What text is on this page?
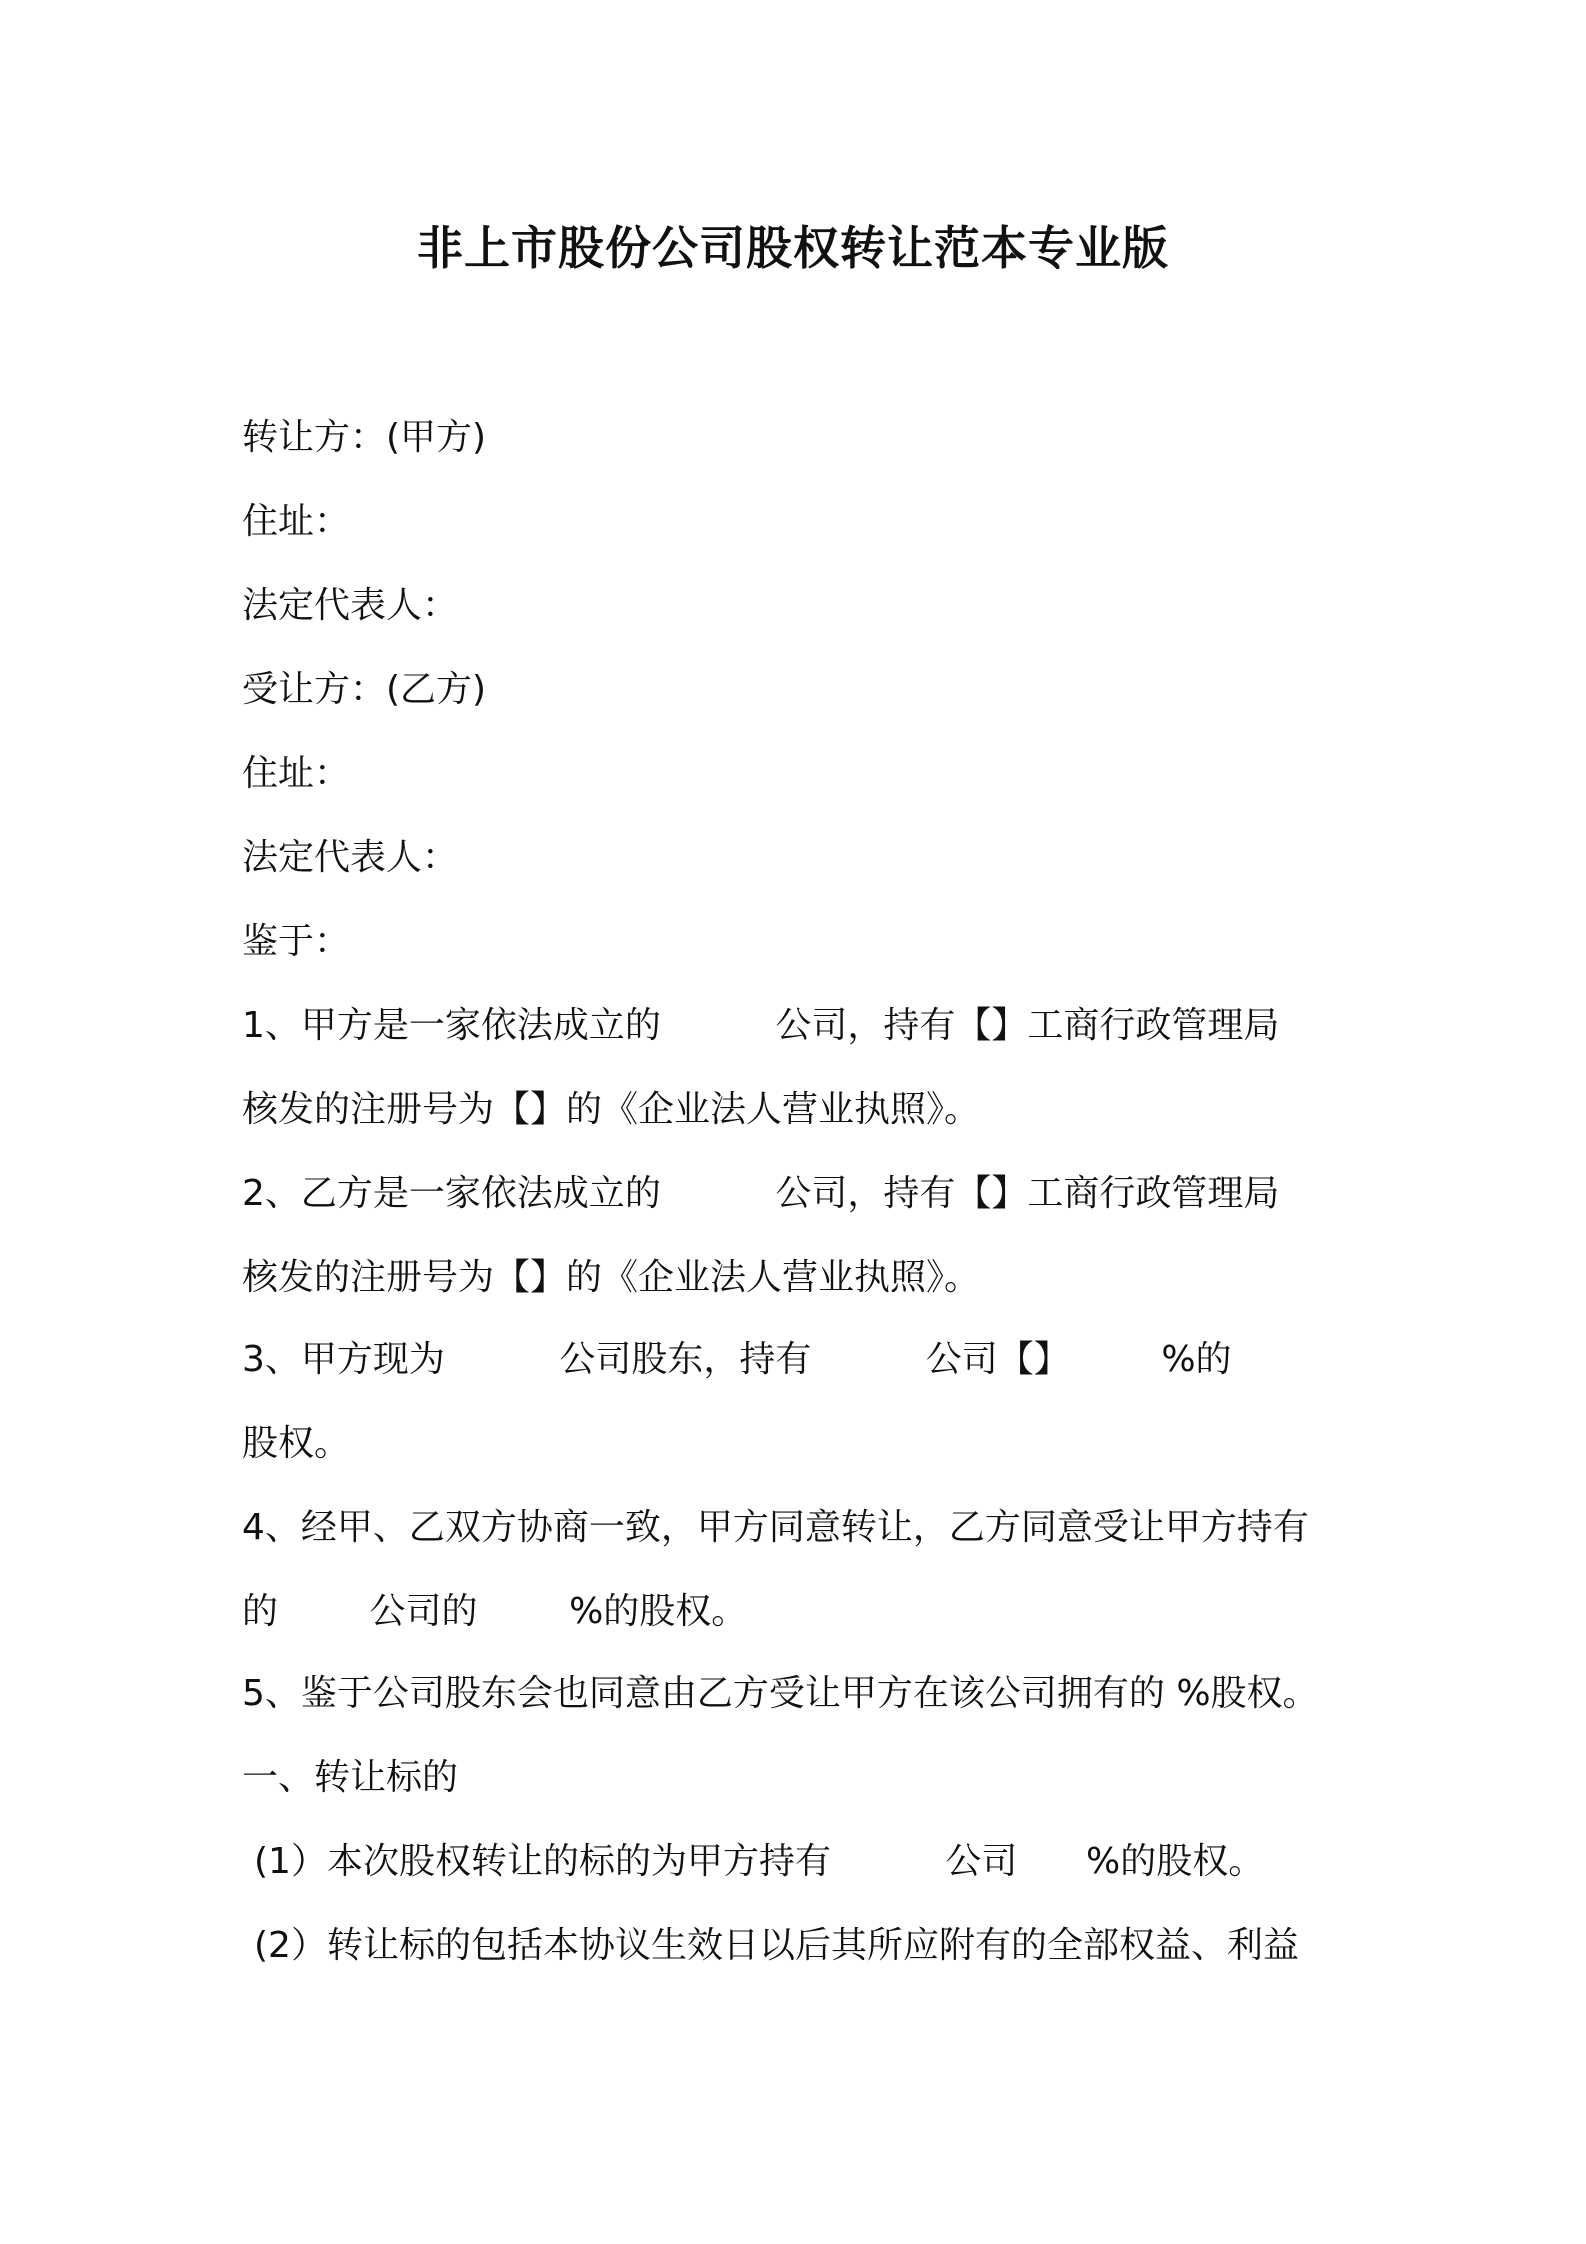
非上市股份公司股权转让范本专业版
转让方：(甲方)
住址：
法定代表人：
受让方：(乙方)
住址：
法定代表人：
鉴于：
1、甲方是一家依法成立的          公司，持有【】工商行政管理局
核发的注册号为【】的《企业法人营业执照》。
2、乙方是一家依法成立的          公司，持有【】工商行政管理局
核发的注册号为【】的《企业法人营业执照》。
3、甲方现为          公司股东，持有          公司【】        %的
股权。
4、经甲、乙双方协商一致，甲方同意转让，乙方同意受让甲方持有
的        公司的        %的股权。
5、鉴于公司股东会也同意由乙方受让甲方在该公司拥有的 %股权。
一、转让标的
(1）本次股权转让的标的为甲方持有          公司      %的股权。
(2）转让标的包括本协议生效日以后其所应附有的全部权益、利益
